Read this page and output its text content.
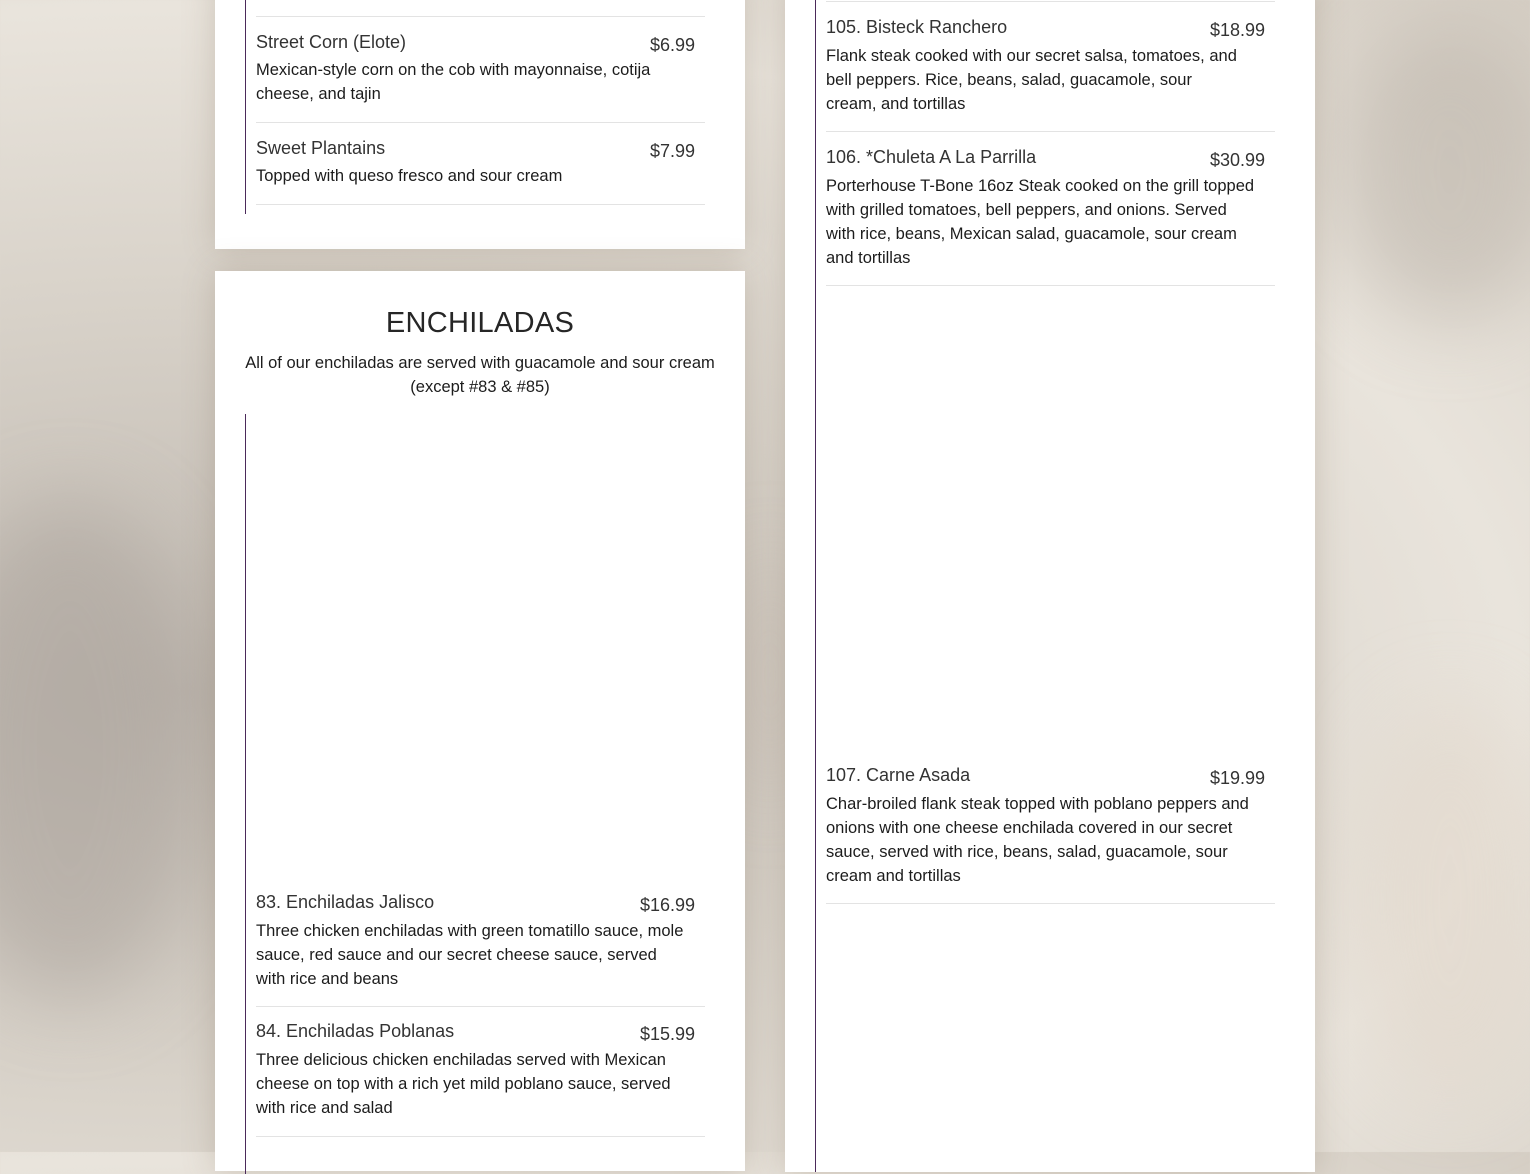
Street Corn (Elote)	$6.99
Mexican-style corn on the cob with mayonnaise, cotija cheese, and tajin
Sweet Plantains	$7.99
Topped with queso fresco and sour cream
ENCHILADAS
All of our enchiladas are served with guacamole and sour cream (except #83 & #85)
83. Enchiladas Jalisco	$16.99
Three chicken enchiladas with green tomatillo sauce, mole sauce, red sauce and our secret cheese sauce, served with rice and beans
84. Enchiladas Poblanas	$15.99
Three delicious chicken enchiladas served with Mexican cheese on top with a rich yet mild poblano sauce, served with rice and salad
105. Bisteck Ranchero	$18.99
Flank steak cooked with our secret salsa, tomatoes, and bell peppers. Rice, beans, salad, guacamole, sour cream, and tortillas
106. *Chuleta A La Parrilla	$30.99
Porterhouse T-Bone 16oz Steak cooked on the grill topped with grilled tomatoes, bell peppers, and onions. Served with rice, beans, Mexican salad, guacamole, sour cream and tortillas
107. Carne Asada	$19.99
Char-broiled flank steak topped with poblano peppers and onions with one cheese enchilada covered in our secret sauce, served with rice, beans, salad, guacamole, sour cream and tortillas
